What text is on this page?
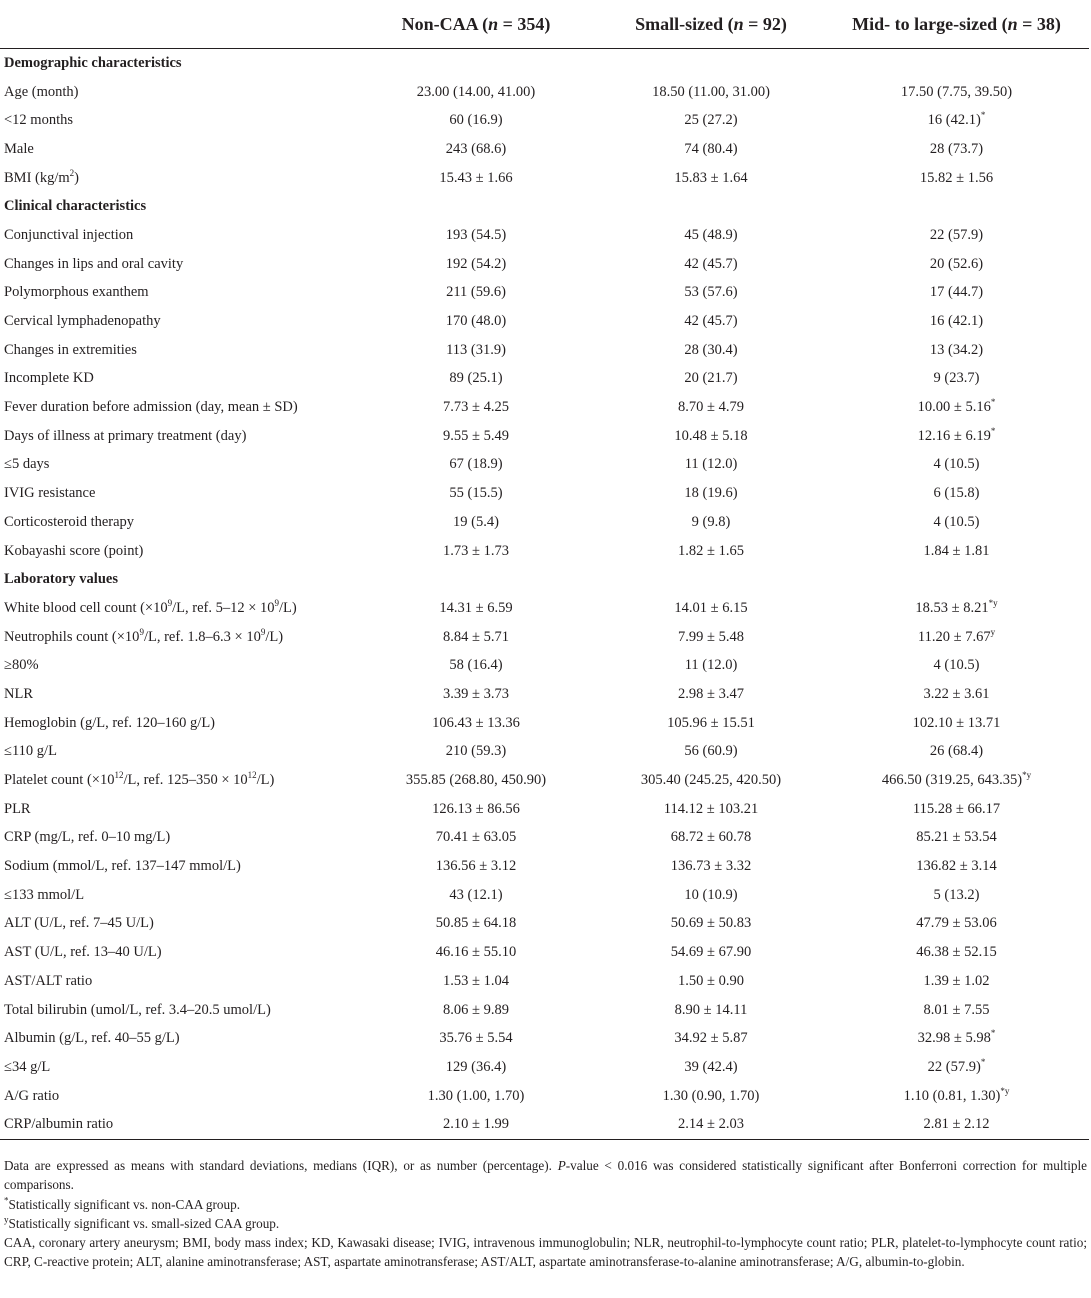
	Non-CAA (n = 354)	Small-sized (n = 92)	Mid- to large-sized (n = 38)
Demographic characteristics			
Age (month)	23.00 (14.00, 41.00)	18.50 (11.00, 31.00)	17.50 (7.75, 39.50)
<12 months	60 (16.9)	25 (27.2)	16 (42.1)*
Male	243 (68.6)	74 (80.4)	28 (73.7)
BMI $(kg/m^2)$	15.43 ± 1.66	15.83 ± 1.64	15.82 ± 1.56
Clinical characteristics			
Conjunctival injection	193 (54.5)	45 (48.9)	22 (57.9)
Changes in lips and oral cavity	192 (54.2)	42 (45.7)	20 (52.6)
Polymorphous exanthem	211 (59.6)	53 (57.6)	17 (44.7)
Cervical lymphadenopathy	170 (48.0)	42 (45.7)	16 (42.1)
Changes in extremities	113 (31.9)	28 (30.4)	13 (34.2)
Incomplete KD	89 (25.1)	20 (21.7)	9 (23.7)
Fever duration before admission (day, mean ± SD)	7.73 ± 4.25	8.70 ± 4.79	10.00 ± 5.16*
Days of illness at primary treatment (day)	9.55 ± 5.49	10.48 ± 5.18	12.16 ± 6.19*
≤5 days	67 (18.9)	11 (12.0)	4 (10.5)
IVIG resistance	55 (15.5)	18 (19.6)	6 (15.8)
Corticosteroid therapy	19 (5.4)	9 (9.8)	4 (10.5)
Kobayashi score (point)	1.73 ± 1.73	1.82 ± 1.65	1.84 ± 1.81
Laboratory values			
White blood cell count ($\times 10^9/L$, ref. $5-12 \times 10^9/L$)	14.31 ± 6.59	14.01 ± 6.15	$18.53 \pm 8.21^{*y}$
Neutrophils count ($\times 10^9/L$, ref. $1.8-6.3 \times 10^9/L$)	8.84 ± 5.71	7.99 ± 5.48	$11.20 \pm 7.67^y$
≥80%	58 (16.4)	11 (12.0)	4 (10.5)
NLR	3.39 ± 3.73	2.98 ± 3.47	3.22 ± 3.61
Hemoglobin (g/L, ref. 120–160 g/L)	106.43 ± 13.36	105.96 ± 15.51	102.10 ± 13.71
≤110 g/L	210 (59.3)	56 (60.9)	26 (68.4)
Platelet count ($\times 10^{12}/L$, ref. $125-350 \times 10^{12}/L$)	355.85 (268.80, 450.90)	305.40 (245.25, 420.50)	466.50 (319.25, 643.35)$^{*y}$
PLR	126.13 ± 86.56	114.12 ± 103.21	115.28 ± 66.17
CRP (mg/L, ref. 0–10 mg/L)	70.41 ± 63.05	68.72 ± 60.78	85.21 ± 53.54
Sodium (mmol/L, ref. 137–147 mmol/L)	136.56 ± 3.12	136.73 ± 3.32	136.82 ± 3.14
≤133 mmol/L	43 (12.1)	10 (10.9)	5 (13.2)
ALT (U/L, ref. 7–45 U/L)	50.85 ± 64.18	50.69 ± 50.83	47.79 ± 53.06
AST (U/L, ref. 13–40 U/L)	46.16 ± 55.10	54.69 ± 67.90	46.38 ± 52.15
AST/ALT ratio	1.53 ± 1.04	1.50 ± 0.90	1.39 ± 1.02
Total bilirubin (umol/L, ref. 3.4–20.5 umol/L)	8.06 ± 9.89	8.90 ± 14.11	8.01 ± 7.55
Albumin (g/L, ref. 40–55 g/L)	35.76 ± 5.54	34.92 ± 5.87	32.98 ± 5.98*
≤34 g/L	129 (36.4)	39 (42.4)	22 (57.9)*
A/G ratio	1.30 (1.00, 1.70)	1.30 (0.90, 1.70)	1.10 (0.81, 1.30)$^{*y}$
CRP/albumin ratio	2.10 ± 1.99	2.14 ± 2.03	2.81 ± 2.12

Data are expressed as means with standard deviations, medians (IQR), or as number (percentage). P-value < 0.016 was considered statistically significant after Bonferroni correction for multiple comparisons.

*Statistically significant vs. non-CAA group.

$^y$Statistically significant vs. small-sized CAA group.

CAA, coronary artery aneurysm; BMI, body mass index; KD, Kawasaki disease; IVIG, intravenous immunoglobulin; NLR, neutrophil-to-lymphocyte count ratio; PLR, platelet-to-lymphocyte count ratio; CRP, C-reactive protein; ALT, alanine aminotransferase; AST, aspartate aminotransferase; AST/ALT, aspartate aminotransferase-to-alanine aminotransferase; A/G, albumin-to-globin.
